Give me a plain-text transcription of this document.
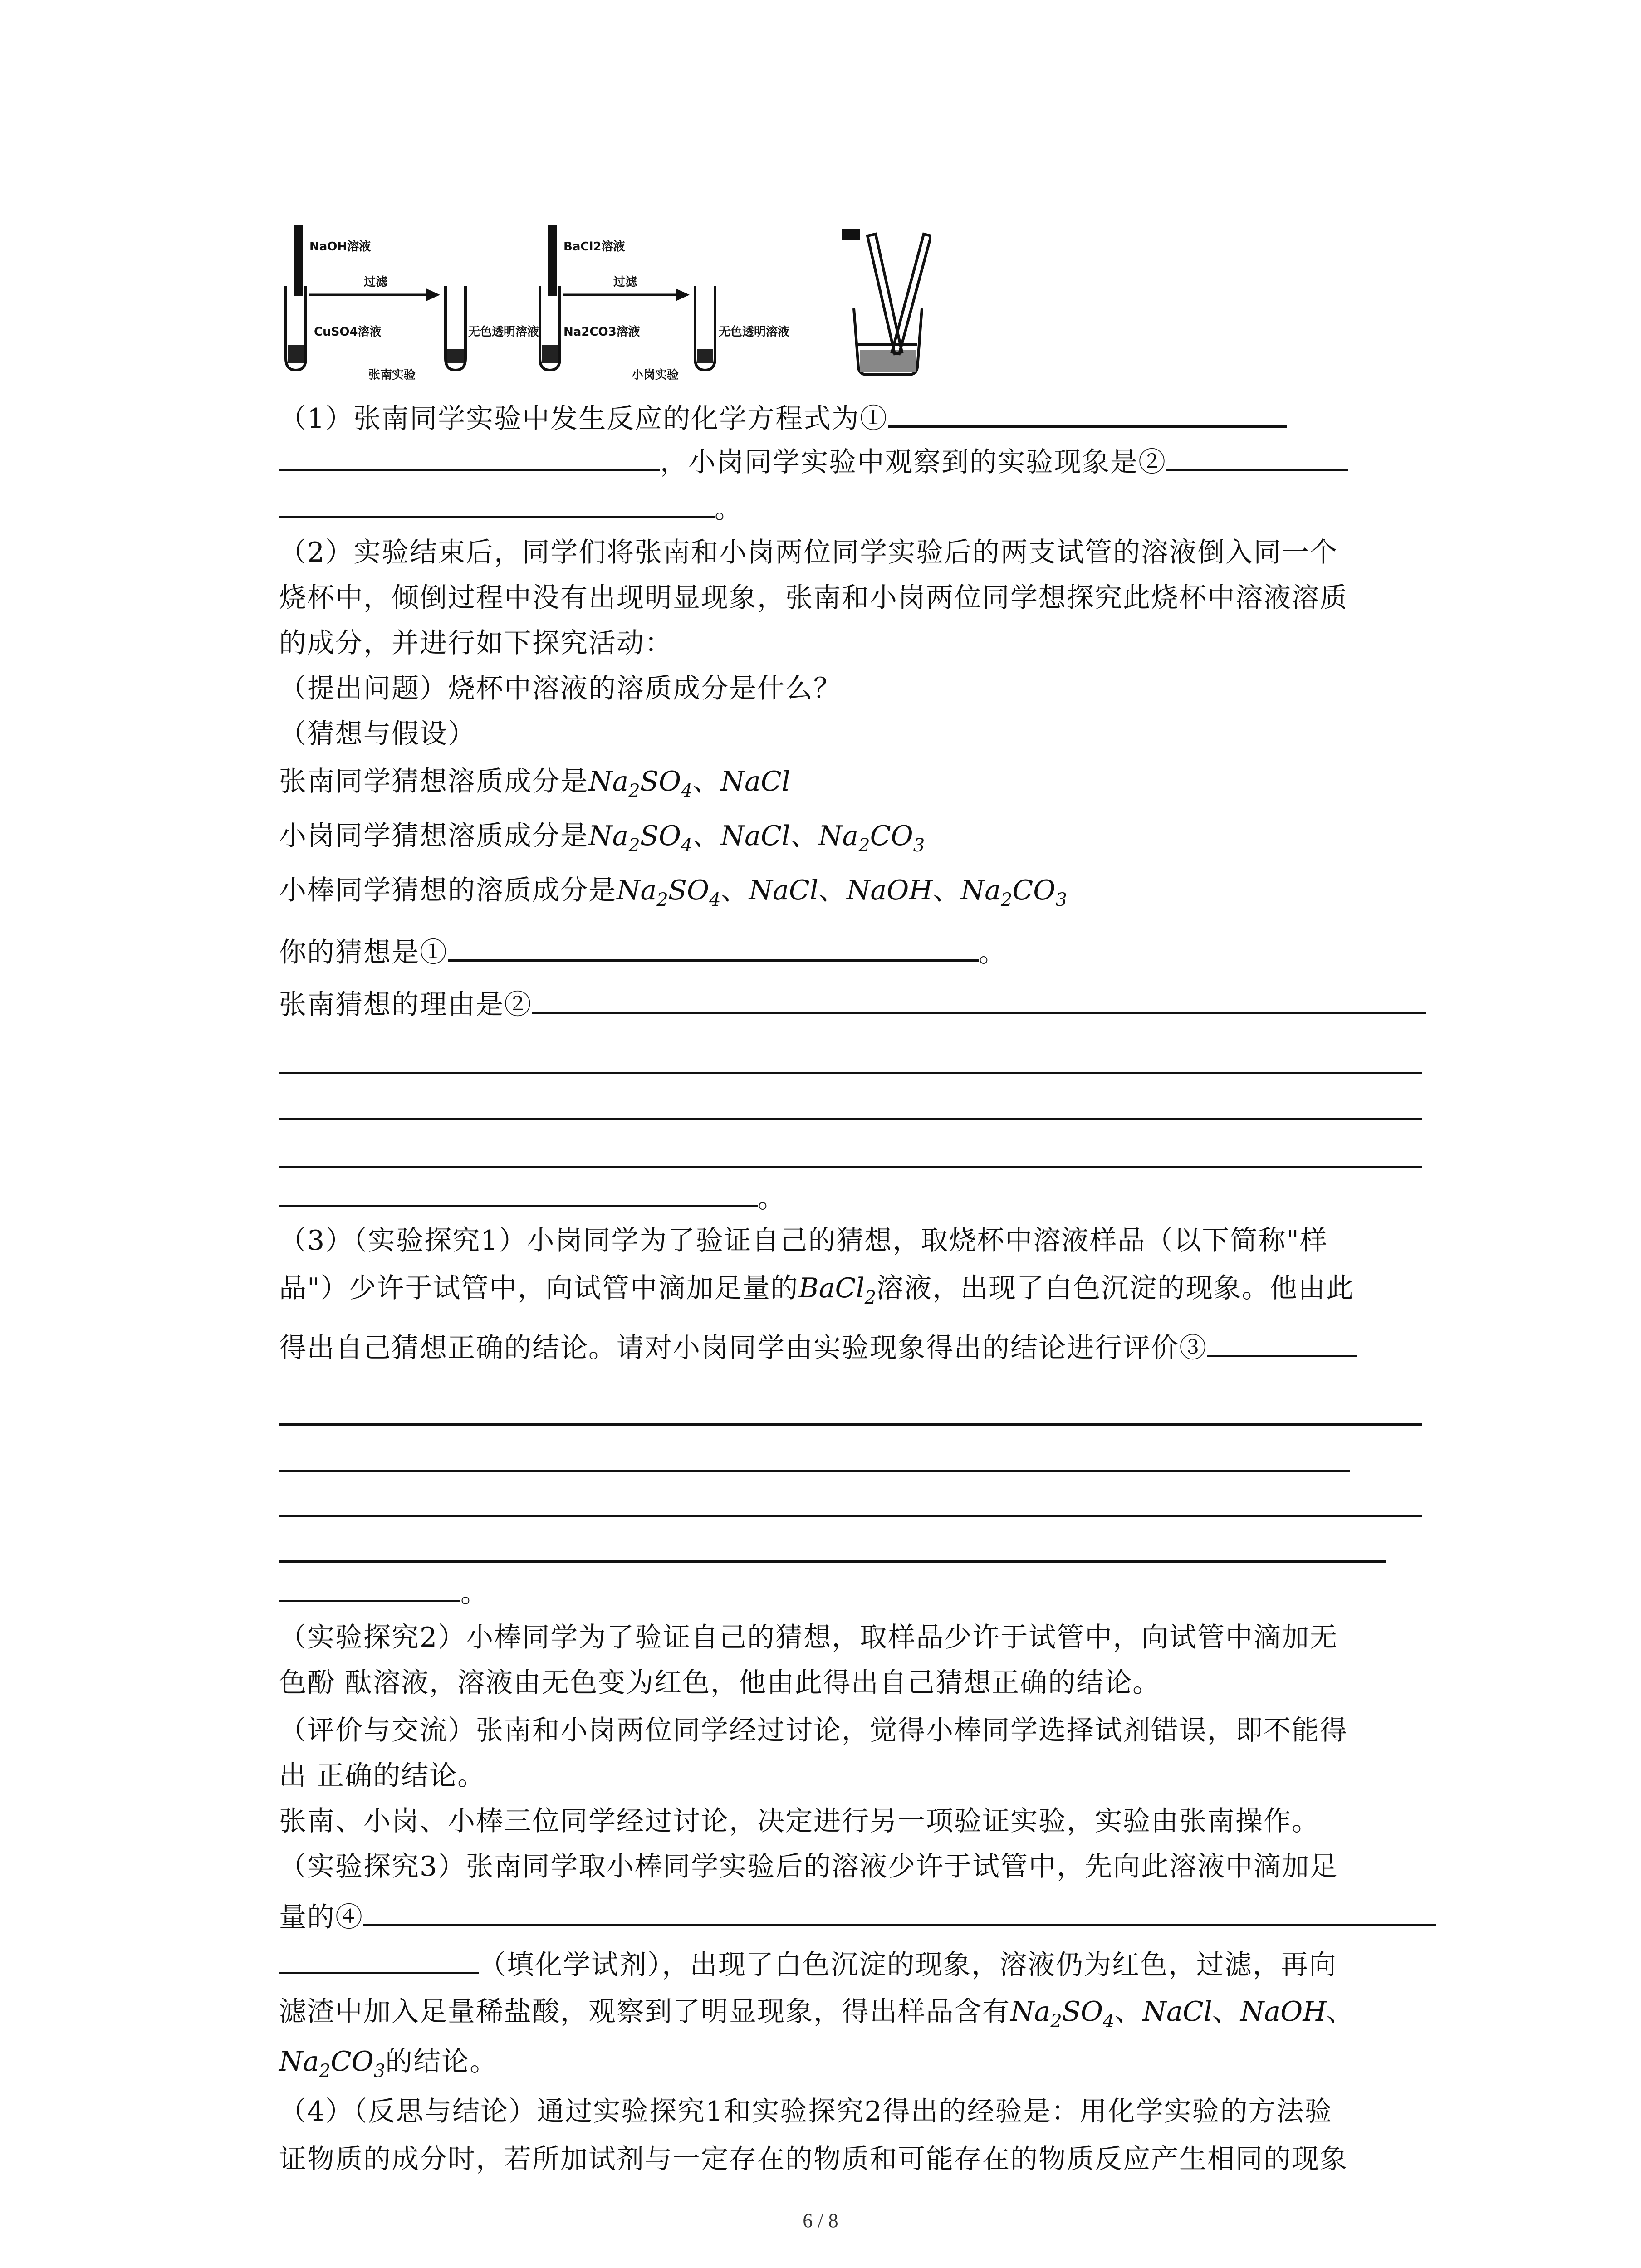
NaOH溶液
CuSO4溶液
过滤
无色透明溶液
张南实验
BaCl2溶液
Na2CO3溶液
过滤
无色透明溶液
小岗实验
（1）张南同学实验中发生反应的化学方程式为①
，小岗同学实验中观察到的实验现象是②
。
（2）实验结束后，同学们将张南和小岗两位同学实验后的两支试管的溶液倒入同一个
烧杯中，倾倒过程中没有出现明显现象，张南和小岗两位同学想探究此烧杯中溶液溶质
的成分，并进行如下探究活动：
（提出问题）烧杯中溶液的溶质成分是什么？
（猜想与假设）
张南同学猜想溶质成分是$Na_2SO_4$、NaCl
小岗同学猜想溶质成分是$Na_2SO_4$、NaCl、$Na_2CO_3$
小棒同学猜想的溶质成分是$Na_2SO_4$、NaCl、NaOH、$Na_2CO_3$
你的猜想是①	。
张南猜想的理由是②
。
（3）（实验探究1）小岗同学为了验证自己的猜想，取烧杯中溶液样品（以下简称"样
品"）少许于试管中，向试管中滴加足量的BaCl$_2$溶液，出现了白色沉淀的现象。他由此
得出自己猜想正确的结论。请对小岗同学由实验现象得出的结论进行评价③
。
（实验探究2）小棒同学为了验证自己的猜想，取样品少许于试管中，向试管中滴加无
色酚 酞溶液，溶液由无色变为红色，他由此得出自己猜想正确的结论。
（评价与交流）张南和小岗两位同学经过讨论，觉得小棒同学选择试剂错误，即不能得
出 正确的结论。
张南、小岗、小棒三位同学经过讨论，决定进行另一项验证实验，实验由张南操作。
（实验探究3）张南同学取小棒同学实验后的溶液少许于试管中，先向此溶液中滴加足
量的④
（填化学试剂），出现了白色沉淀的现象，溶液仍为红色，过滤，再向
滤渣中加入足量稀盐酸，观察到了明显现象，得出样品含有$Na_2SO_4$、NaCl、NaOH、
$Na_2CO_3$的结论。
（4）（反思与结论）通过实验探究1和实验探究2得出的经验是：用化学实验的方法验
证物质的成分时，若所加试剂与一定存在的物质和可能存在的物质反应产生相同的现象
6 / 8
